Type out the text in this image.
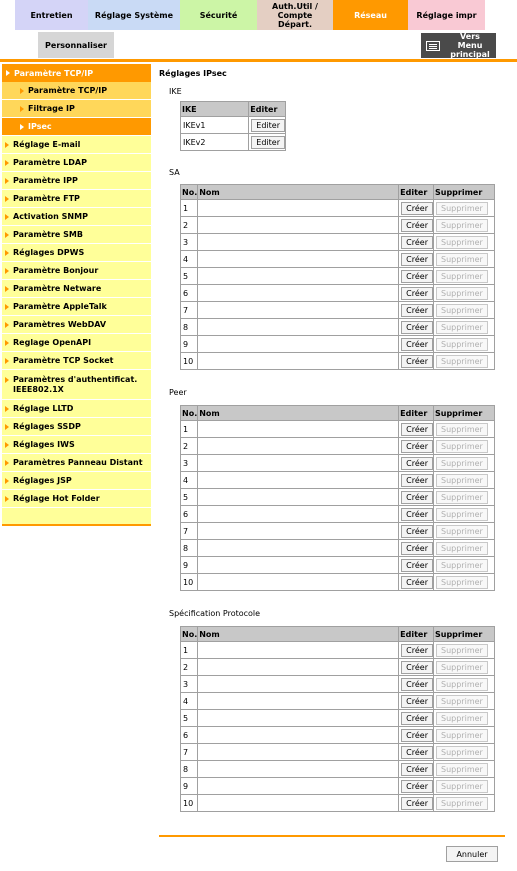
Entretien	Réglage Système	Sécurité
Auth.Util / Compte
Départ.
Réseau	Réglage impr
Personnaliser
Vers Menu
principal
Paramètre TCP/IP
Paramètre TCP/IP
Filtrage IP
IPsec
Réglage E-mail
Paramètre LDAP
Paramètre IPP
Paramètre FTP
Activation SNMP
Paramètre SMB
Réglages DPWS
Paramètre Bonjour
Paramètre Netware
Paramètre AppleTalk
Paramètres WebDAV
Reglage OpenAPI
Paramètre TCP Socket
Paramètres d'authentificat.
IEEE802.1X
Réglage LLTD
Réglages SSDP
Réglages IWS
Paramètres Panneau Distant
Réglages JSP
Réglage Hot Folder
Réglages IPsec
IKE
IKE	Editer
IKEv1	Editer
IKEv2	Editer
SA
No.	Nom	Editer	Supprimer
1		Créer	Supprimer
2		Créer	Supprimer
3		Créer	Supprimer
4		Créer	Supprimer
5		Créer	Supprimer
6		Créer	Supprimer
7		Créer	Supprimer
8		Créer	Supprimer
9		Créer	Supprimer
10		Créer	Supprimer
Peer
No.	Nom	Editer	Supprimer
1		Créer	Supprimer
2		Créer	Supprimer
3		Créer	Supprimer
4		Créer	Supprimer
5		Créer	Supprimer
6		Créer	Supprimer
7		Créer	Supprimer
8		Créer	Supprimer
9		Créer	Supprimer
10		Créer	Supprimer
Spécification Protocole
No.	Nom	Editer	Supprimer
1		Créer	Supprimer
2		Créer	Supprimer
3		Créer	Supprimer
4		Créer	Supprimer
5		Créer	Supprimer
6		Créer	Supprimer
7		Créer	Supprimer
8		Créer	Supprimer
9		Créer	Supprimer
10		Créer	Supprimer
Annuler
